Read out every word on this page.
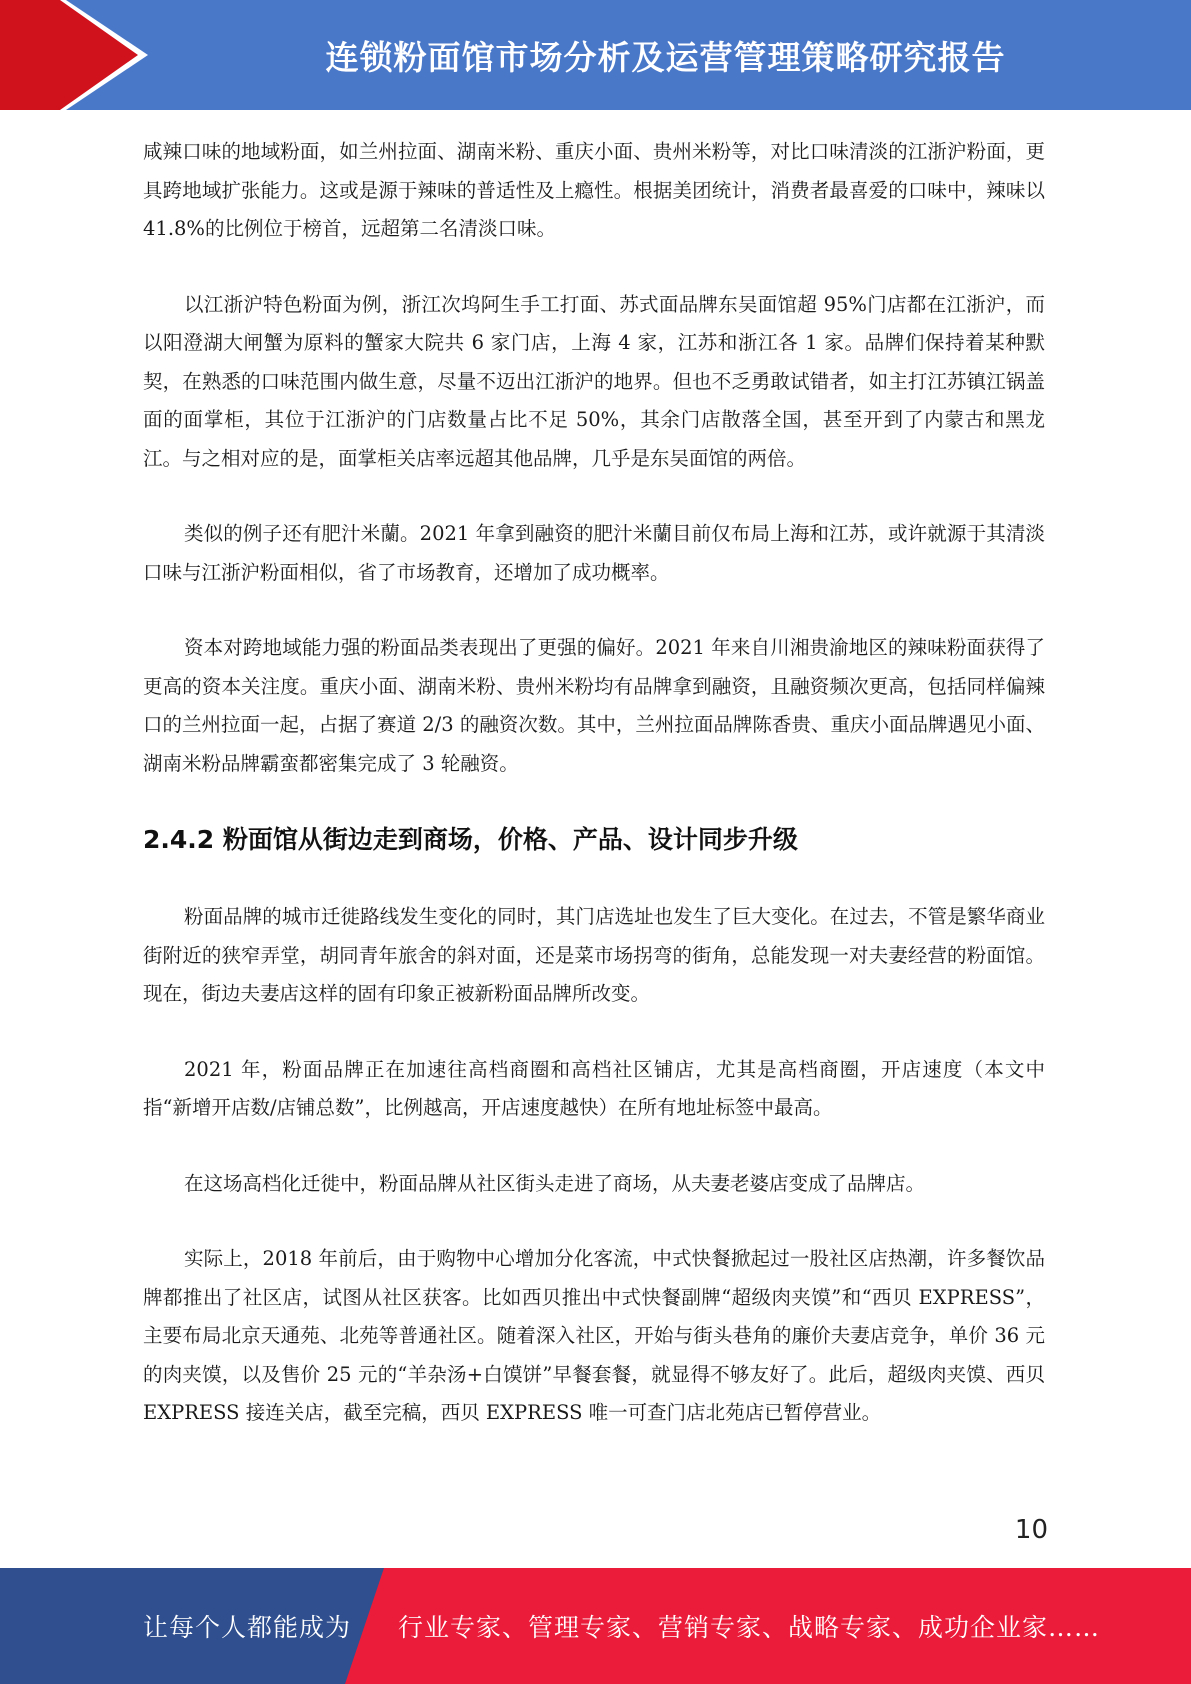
连锁粉面馆市场分析及运营管理策略研究报告

咸辣口味的地域粉面，如兰州拉面、湖南米粉、重庆小面、贵州米粉等，对比口味清淡的江浙沪粉面，更具跨地域扩张能力。这或是源于辣味的普适性及上瘾性。根据美团统计，消费者最喜爱的口味中，辣味以 41.8%的比例位于榜首，远超第二名清淡口味。

以江浙沪特色粉面为例，浙江次坞阿生手工打面、苏式面品牌东吴面馆超 95%门店都在江浙沪，而以阳澄湖大闸蟹为原料的蟹家大院共 6 家门店，上海 4 家，江苏和浙江各 1 家。品牌们保持着某种默契，在熟悉的口味范围内做生意，尽量不迈出江浙沪的地界。但也不乏勇敢试错者，如主打江苏镇江锅盖面的面掌柜，其位于江浙沪的门店数量占比不足 50%，其余门店散落全国，甚至开到了内蒙古和黑龙江。与之相对应的是，面掌柜关店率远超其他品牌，几乎是东吴面馆的两倍。

类似的例子还有肥汁米蘭。2021 年拿到融资的肥汁米蘭目前仅布局上海和江苏，或许就源于其清淡口味与江浙沪粉面相似，省了市场教育，还增加了成功概率。

资本对跨地域能力强的粉面品类表现出了更强的偏好。2021 年来自川湘贵渝地区的辣味粉面获得了更高的资本关注度。重庆小面、湖南米粉、贵州米粉均有品牌拿到融资，且融资频次更高，包括同样偏辣口的兰州拉面一起，占据了赛道 2/3 的融资次数。其中，兰州拉面品牌陈香贵、重庆小面品牌遇见小面、湖南米粉品牌霸蛮都密集完成了 3 轮融资。

2.4.2 粉面馆从街边走到商场，价格、产品、设计同步升级

粉面品牌的城市迁徙路线发生变化的同时，其门店选址也发生了巨大变化。在过去，不管是繁华商业街附近的狭窄弄堂，胡同青年旅舍的斜对面，还是菜市场拐弯的街角，总能发现一对夫妻经营的粉面馆。现在，街边夫妻店这样的固有印象正被新粉面品牌所改变。

2021 年，粉面品牌正在加速往高档商圈和高档社区铺店，尤其是高档商圈，开店速度（本文中指“新增开店数/店铺总数”，比例越高，开店速度越快）在所有地址标签中最高。

在这场高档化迁徙中，粉面品牌从社区街头走进了商场，从夫妻老婆店变成了品牌店。

实际上，2018 年前后，由于购物中心增加分化客流，中式快餐掀起过一股社区店热潮，许多餐饮品牌都推出了社区店，试图从社区获客。比如西贝推出中式快餐副牌“超级肉夹馍”和“西贝 EXPRESS”，主要布局北京天通苑、北苑等普通社区。随着深入社区，开始与街头巷角的廉价夫妻店竞争，单价 36 元的肉夹馍，以及售价 25 元的“羊杂汤+白馍饼”早餐套餐，就显得不够友好了。此后，超级肉夹馍、西贝 EXPRESS 接连关店，截至完稿，西贝 EXPRESS 唯一可查门店北苑店已暂停营业。

10
让每个人都能成为 行业专家、管理专家、营销专家、战略专家、成功企业家……
